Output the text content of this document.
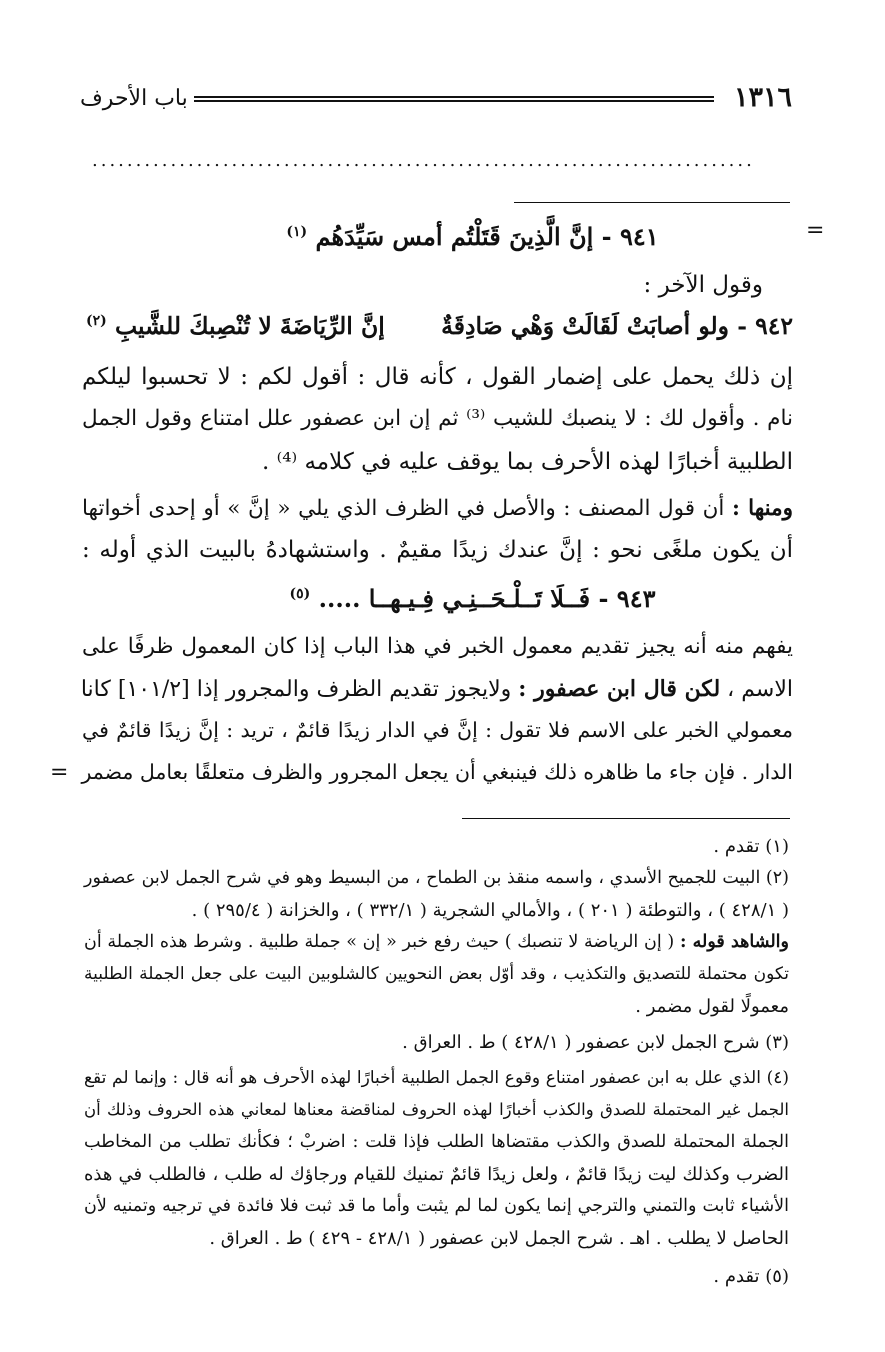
١٣١٦
باب الأحرف
............................................................................
=
٩٤١ - إنَّ الَّذِينَ قَتَلْتُم أمس سَيِّدَهُم $^{(١)}$
وقول الآخر :
٩٤٢ - ولو أصابَتْ لَقَالَتْ وَهْي صَادِقَةٌ  إنَّ الرِّيَاضَةَ لا تُنْصِبكَ للشَّيبِ $^{(٢)}$
إن ذلك يحمل على إضمار القول ، كأنه قال : أقول لكم : لا تحسبوا ليلكم
نام . وأقول لك : لا ينصبك للشيب ⁽³⁾ ثم إن ابن عصفور علل امتناع وقول الجمل
الطلبية أخبارًا لهذه الأحرف بما يوقف عليه في كلامه ⁽⁴⁾ .
ومنها : أن قول المصنف : والأصل في الظرف الذي يلي « إنَّ » أو إحدى أخواتها
أن يكون ملغًى نحو : إنَّ عندك زيدًا مقيمٌ . واستشهادهُ بالبيت الذي أوله :
٩٤٣ - فَــلَا تَــلْـحَــنِـي فِـيـهــا ..... $^{(٥)}$
يفهم منه أنه يجيز تقديم معمول الخبر في هذا الباب إذا كان المعمول ظرفًا على
الاسم ، لكن قال ابن عصفور : ولايجوز تقديم الظرف والمجرور إذا [١٠١/٢] كانا
معمولي الخبر على الاسم فلا تقول : إنَّ في الدار زيدًا قائمٌ ، تريد : إنَّ زيدًا قائمٌ في
الدار . فإن جاء ما ظاهره ذلك فينبغي أن يجعل المجرور والظرف متعلقًا بعامل مضمر
=
(١) تقدم .
(٢) البيت للجميح الأسدي ، واسمه منقذ بن الطماح ، من البسيط وهو في شرح الجمل لابن عصفور
( ٤٢٨/١ ) ، والتوطئة ( ٢٠١ ) ، والأمالي الشجرية ( ٣٣٢/١ ) ، والخزانة ( ٢٩٥/٤ ) .
والشاهد قوله : ( إن الرياضة لا تنصبك ) حيث رفع خبر « إن » جملة طلبية . وشرط هذه الجملة أن
تكون محتملة للتصديق والتكذيب ، وقد أوّل بعض النحويين كالشلوبين البيت على جعل الجملة الطلبية
معمولًا لقول مضمر .
(٣) شرح الجمل لابن عصفور ( ٤٢٨/١ ) ط . العراق .
(٤) الذي علل به ابن عصفور امتناع وقوع الجمل الطلبية أخبارًا لهذه الأحرف هو أنه قال : وإنما لم تقع
الجمل غير المحتملة للصدق والكذب أخبارًا لهذه الحروف لمناقضة معناها لمعاني هذه الحروف وذلك أن
الجملة المحتملة للصدق والكذب مقتضاها الطلب فإذا قلت : اضربْ ؛ فكأنك تطلب من المخاطب
الضرب وكذلك ليت زيدًا قائمٌ ، ولعل زيدًا قائمٌ تمنيك للقيام ورجاؤك له طلب ، فالطلب في هذه
الأشياء ثابت والتمني والترجي إنما يكون لما لم يثبت وأما ما قد ثبت فلا فائدة في ترجيه وتمنيه لأن
الحاصل لا يطلب . اهـ . شرح الجمل لابن عصفور ( ٤٢٨/١ - ٤٢٩ ) ط . العراق .
(٥) تقدم .
